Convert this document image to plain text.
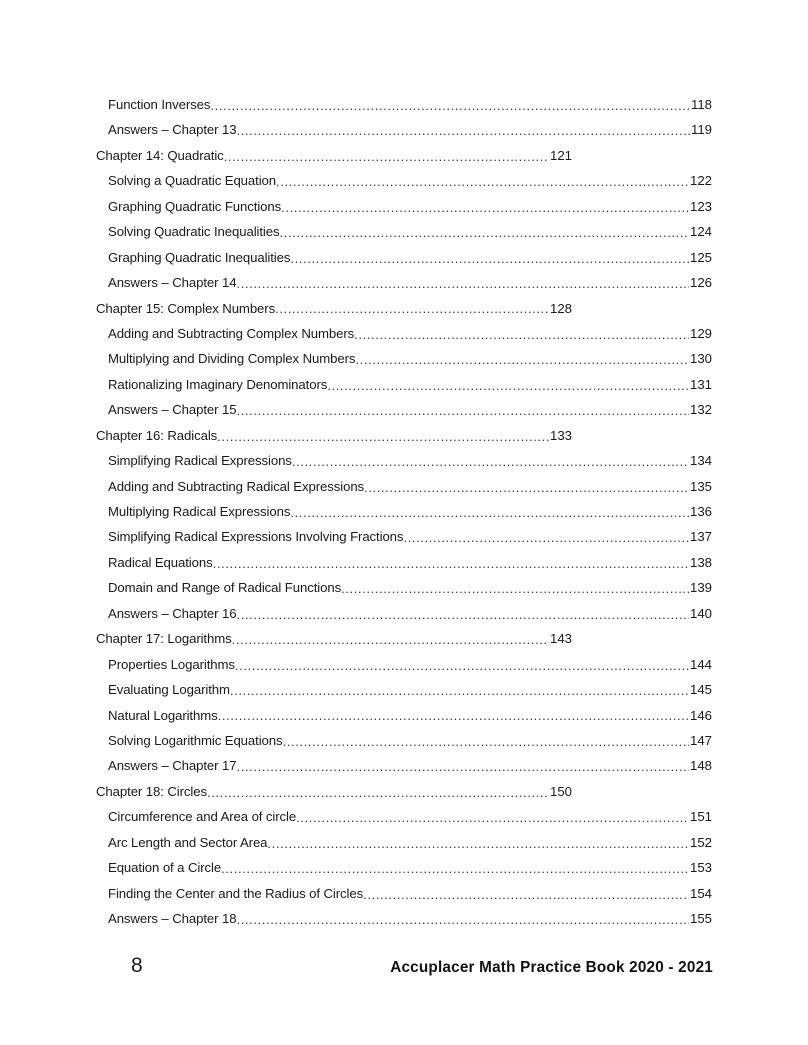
Function Inverses .....	118
Answers – Chapter 13 .....	119
Chapter 14: Quadratic .....	121
Solving a Quadratic Equation .....	122
Graphing Quadratic Functions .....	123
Solving Quadratic Inequalities .....	124
Graphing Quadratic Inequalities .....	125
Answers – Chapter 14 .....	126
Chapter 15: Complex Numbers .....	128
Adding and Subtracting Complex Numbers .....	129
Multiplying and Dividing Complex Numbers .....	130
Rationalizing Imaginary Denominators .....	131
Answers – Chapter 15 .....	132
Chapter 16: Radicals .....	133
Simplifying Radical Expressions .....	134
Adding and Subtracting Radical Expressions .....	135
Multiplying Radical Expressions .....	136
Simplifying Radical Expressions Involving Fractions .....	137
Radical Equations .....	138
Domain and Range of Radical Functions .....	139
Answers – Chapter 16 .....	140
Chapter 17: Logarithms .....	143
Properties Logarithms .....	144
Evaluating Logarithm .....	145
Natural Logarithms .....	146
Solving Logarithmic Equations .....	147
Answers – Chapter 17 .....	148
Chapter 18: Circles .....	150
Circumference and Area of circle .....	151
Arc Length and Sector Area .....	152
Equation of a Circle .....	153
Finding the Center and the Radius of Circles .....	154
Answers – Chapter 18 .....	155
8	Accuplacer Math Practice Book 2020 - 2021
